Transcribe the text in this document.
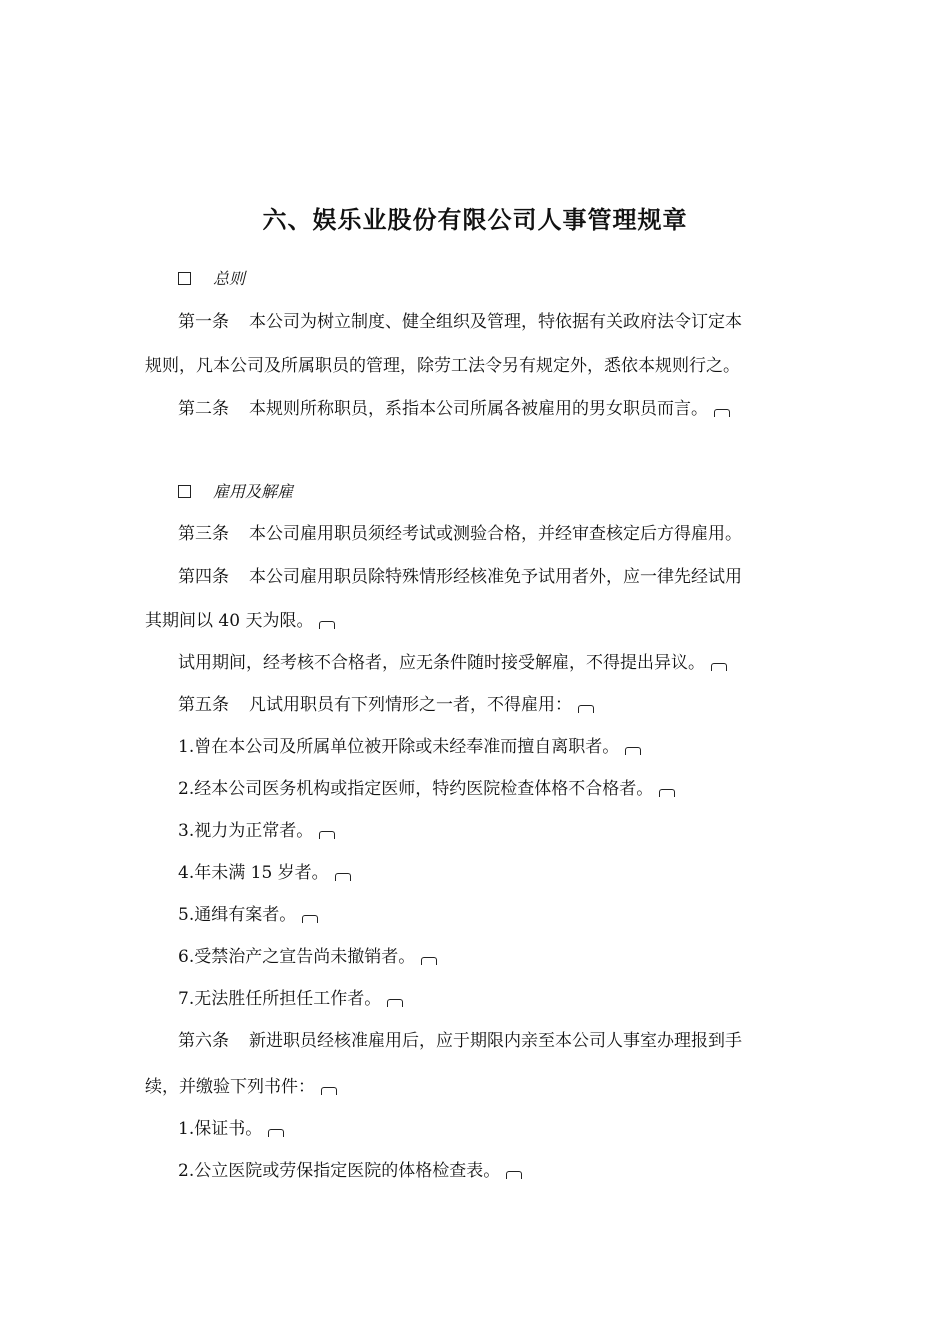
六、娱乐业股份有限公司人事管理规章
总则
第一条 本公司为树立制度、健全组织及管理，特依据有关政府法令订定本
规则，凡本公司及所属职员的管理，除劳工法令另有规定外，悉依本规则行之。
第二条 本规则所称职员，系指本公司所属各被雇用的男女职员而言。
雇用及解雇
第三条 本公司雇用职员须经考试或测验合格，并经审查核定后方得雇用。
第四条 本公司雇用职员除特殊情形经核准免予试用者外，应一律先经试用
其期间以 40 天为限。
试用期间，经考核不合格者，应无条件随时接受解雇，不得提出异议。
第五条 凡试用职员有下列情形之一者，不得雇用：
1.曾在本公司及所属单位被开除或未经奉准而擅自离职者。
2.经本公司医务机构或指定医师，特约医院检查体格不合格者。
3.视力为正常者。
4.年未满 15 岁者。
5.通缉有案者。
6.受禁治产之宣告尚未撤销者。
7.无法胜任所担任工作者。
第六条 新进职员经核准雇用后，应于期限内亲至本公司人事室办理报到手
续，并缴验下列书件：
1.保证书。
2.公立医院或劳保指定医院的体格检查表。
